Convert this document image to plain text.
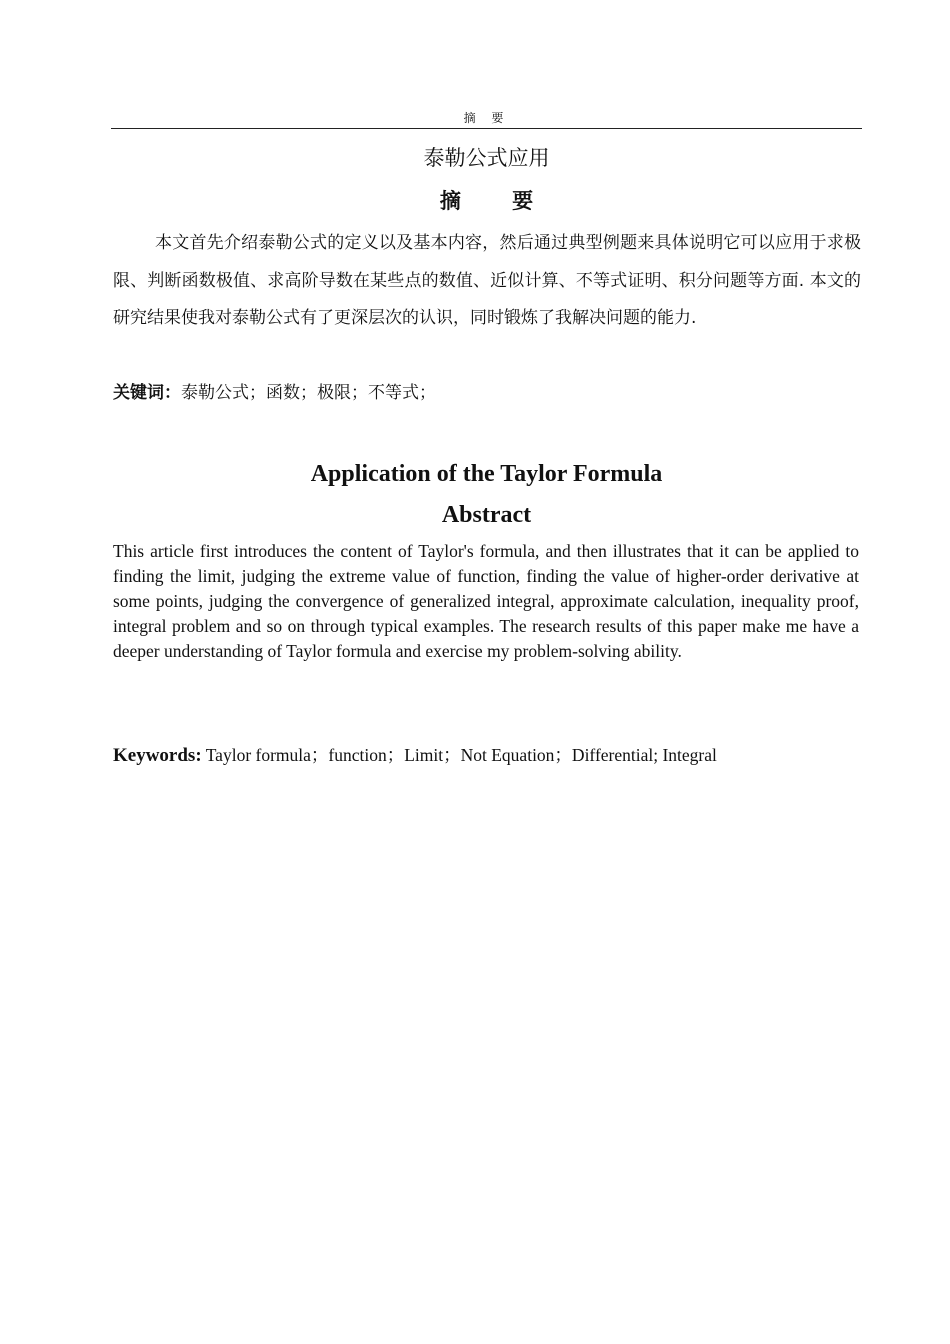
摘 要
泰勒公式应用
摘 要

本文首先介绍泰勒公式的定义以及基本内容，然后通过典型例题来具体说明它可以应用于求极限、判断函数极值、求高阶导数在某些点的数值、近似计算、不等式证明、积分问题等方面. 本文的研究结果使我对泰勒公式有了更深层次的认识，同时锻炼了我解决问题的能力.

关键词：泰勒公式；函数；极限；不等式；
Application of the Taylor Formula
Abstract

This article first introduces the content of Taylor's formula, and then illustrates that it can be applied to finding the limit, judging the extreme value of function, finding the value of higher-order derivative at some points, judging the convergence of generalized integral, approximate calculation, inequality proof, integral problem and so on through typical examples. The research results of this paper make me have a deeper understanding of Taylor formula and exercise my problem-solving ability.

Keywords: Taylor formula；function；Limit；Not Equation；Differential; Integral
